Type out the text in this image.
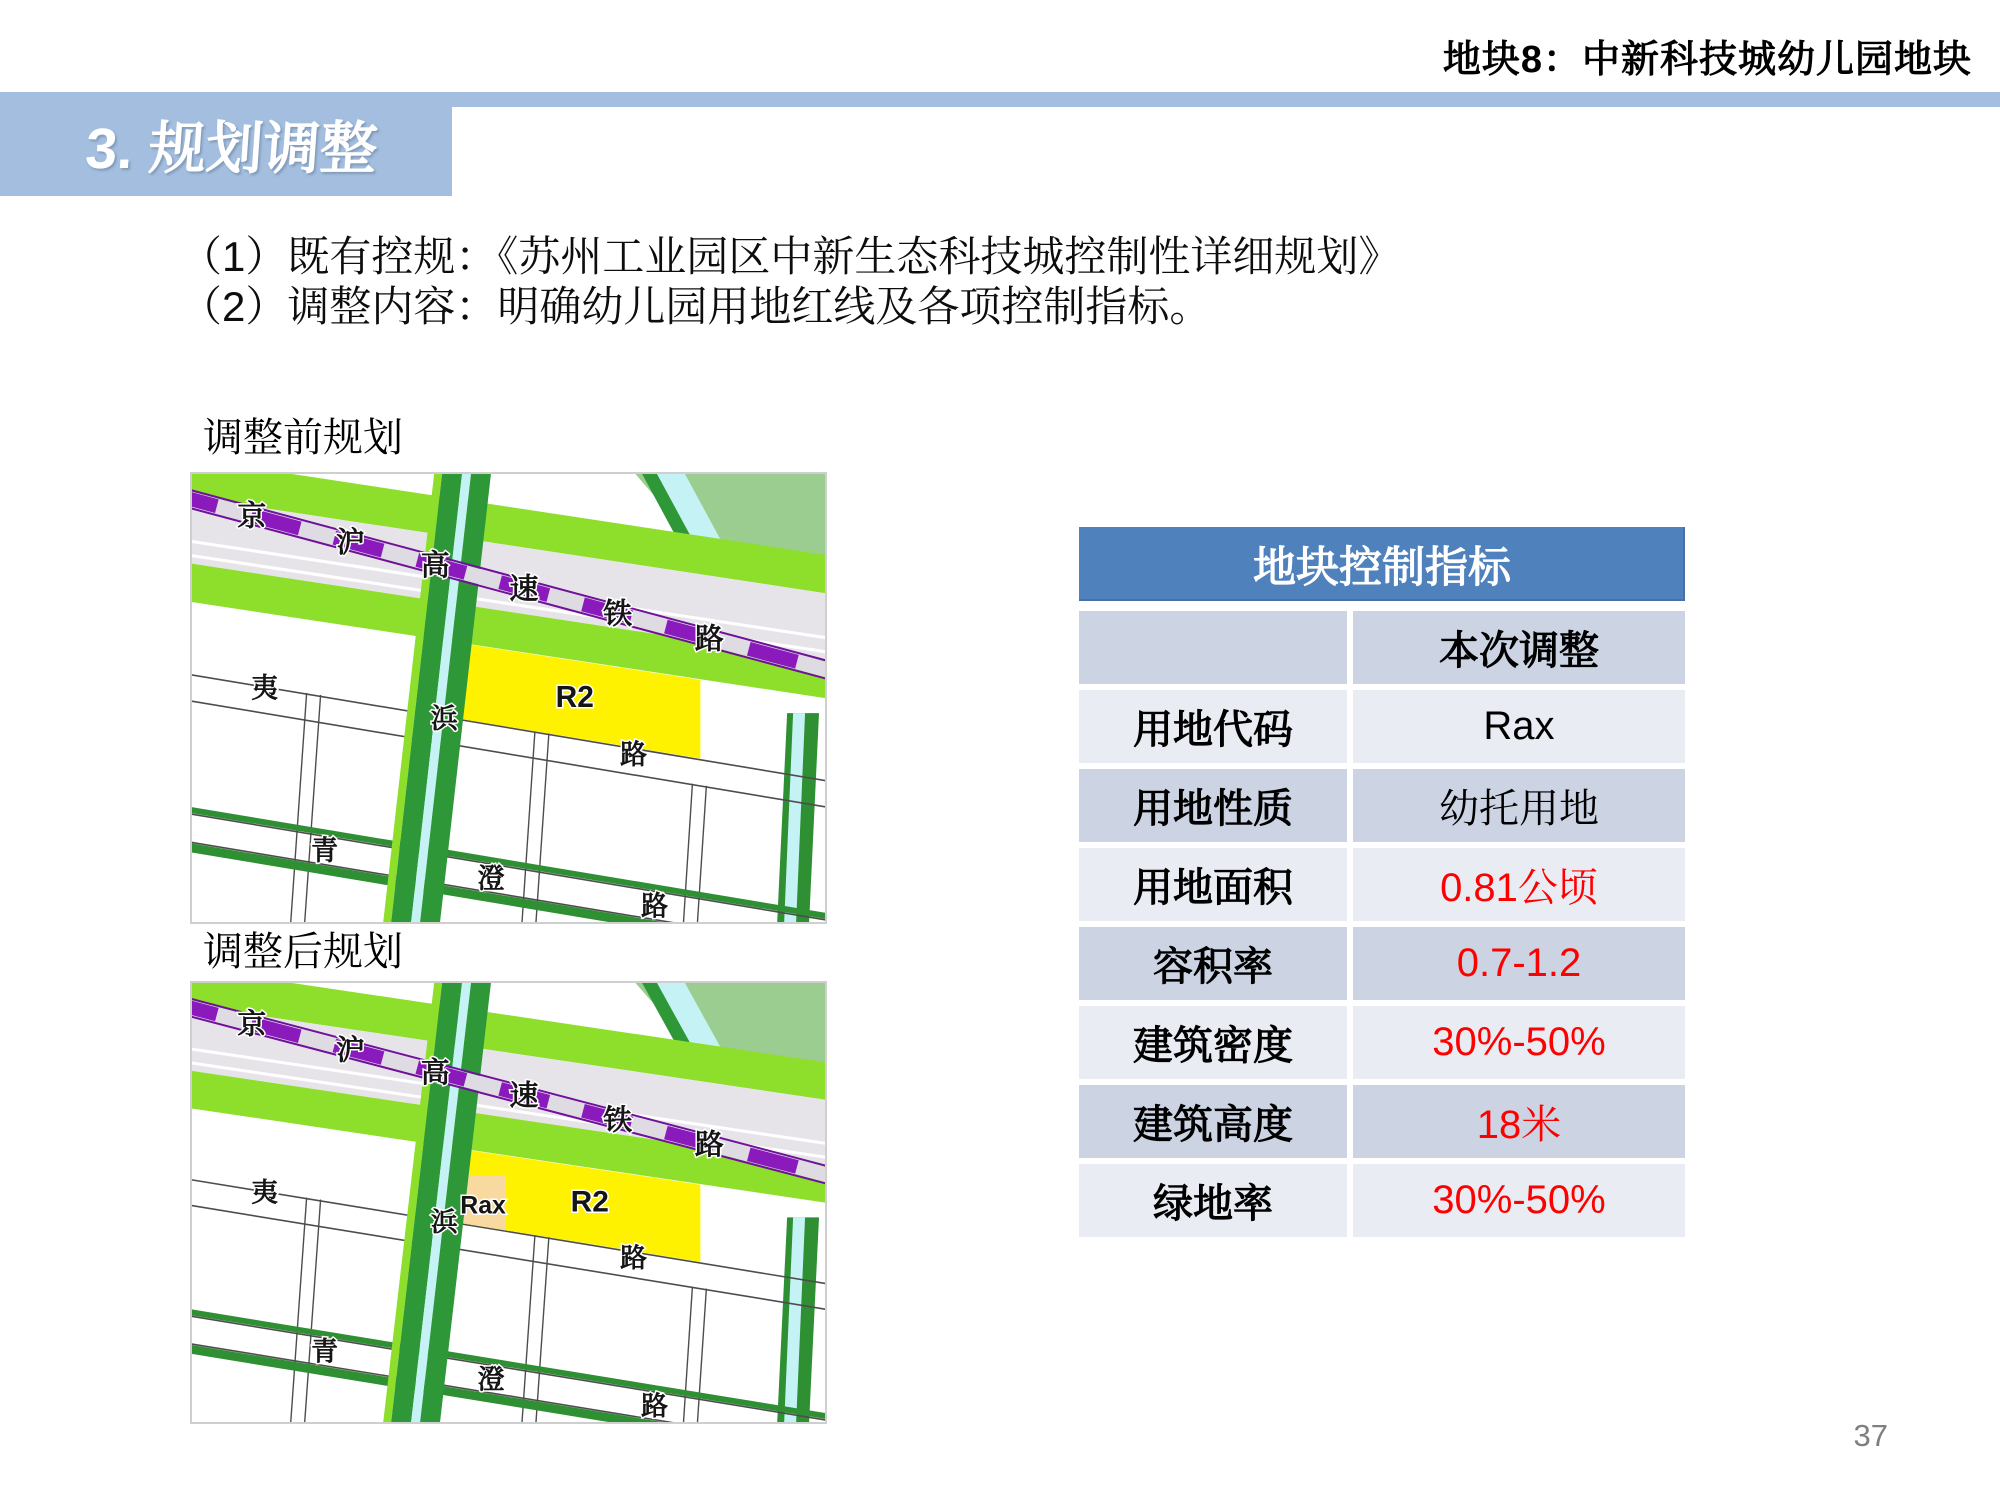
地块8：中新科技城幼儿园地块
3. 规划调整
（1）既有控规：《苏州工业园区中新生态科技城控制性详细规划》
（2）调整内容：明确幼儿园用地红线及各项控制指标。
调整前规划
京
沪
高
速
铁
路
夷
浜
路
青
澄
路
R2
调整后规划
京
沪
高
速
铁
路
夷
浜
路
青
澄
路
R2
Rax
地块控制指标
本次调整
用地代码	Rax
用地性质	幼托用地
用地面积	0.81公顷
容积率	0.7-1.2
建筑密度	30%-50%
建筑高度	18米
绿地率	30%-50%
37
